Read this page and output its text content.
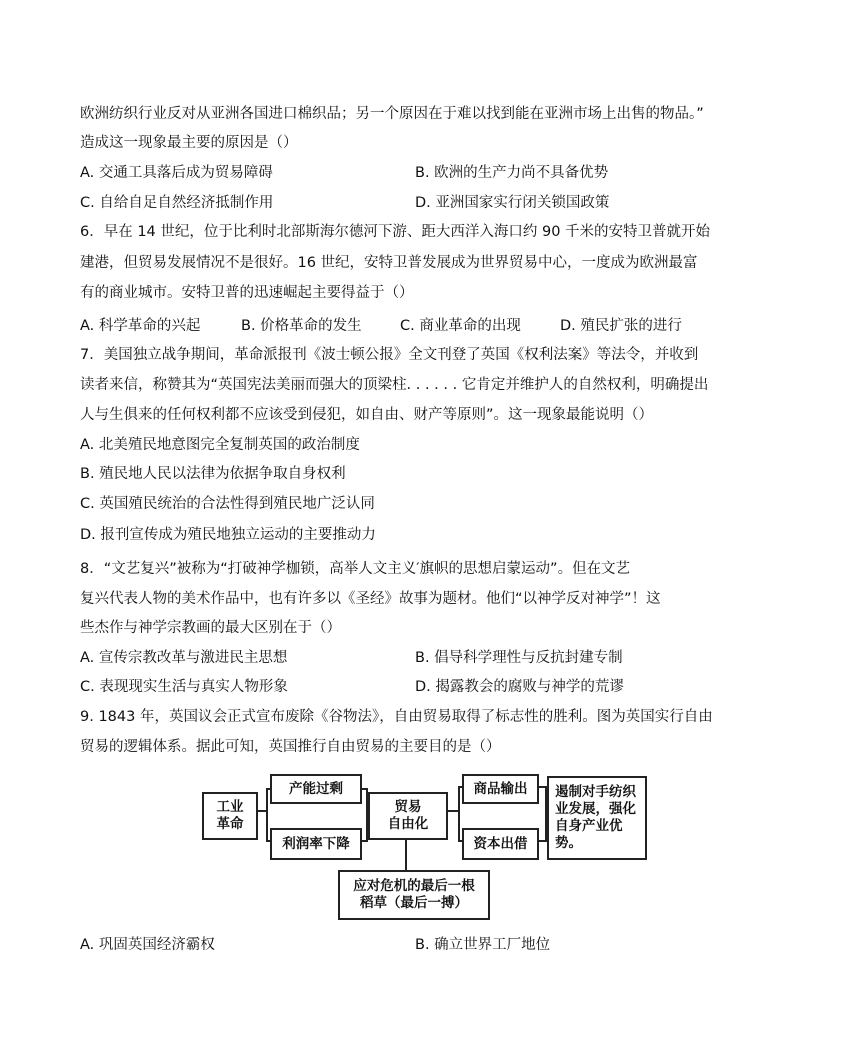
欧洲纺织行业反对从亚洲各国进口棉织品；另一个原因在于难以找到能在亚洲市场上出售的物品。”
造成这一现象最主要的原因是（）
A. 交通工具落后成为贸易障碍	B. 欧洲的生产力尚不具备优势
C. 自给自足自然经济抵制作用	D. 亚洲国家实行闭关锁国政策
6．早在 14 世纪，位于比利时北部斯海尔德河下游、距大西洋入海口约 90 千米的安特卫普就开始
建港，但贸易发展情况不是很好。16 世纪，安特卫普发展成为世界贸易中心，一度成为欧洲最富
有的商业城市。安特卫普的迅速崛起主要得益于（）
A. 科学革命的兴起	B. 价格革命的发生	C. 商业革命的出现	D. 殖民扩张的进行
7．美国独立战争期间，革命派报刊《波士顿公报》全文刊登了英国《权利法案》等法令，并收到
读者来信，称赞其为“英国宪法美丽而强大的顶梁柱. . . . . . 它肯定并维护人的自然权利，明确提出
人与生俱来的任何权利都不应该受到侵犯，如自由、财产等原则”。这一现象最能说明（）
A. 北美殖民地意图完全复制英国的政治制度
B. 殖民地人民以法律为依据争取自身权利
C. 英国殖民统治的合法性得到殖民地广泛认同
D. 报刊宣传成为殖民地独立运动的主要推动力
8．“文艺复兴”被称为“打破神学枷锁，高举人文主义′旗帜的思想启蒙运动”。但在文艺
复兴代表人物的美术作品中，也有许多以《圣经》故事为题材。他们“以神学反对神学”！这
些杰作与神学宗教画的最大区别在于（）
A. 宣传宗教改革与激进民主思想	B. 倡导科学理性与反抗封建专制
C. 表现现实生活与真实人物形象	D. 揭露教会的腐败与神学的荒谬
9. 1843 年，英国议会正式宣布废除《谷物法》，自由贸易取得了标志性的胜利。图为英国实行自由
贸易的逻辑体系。据此可知，英国推行自由贸易的主要目的是（）
工业
革命
产能过剩
利润率下降
贸易
自由化
商品输出
资本出借
遏制对手纺织
业发展，强化
自身产业优
势。
应对危机的最后一根
稻草（最后一搏）
A. 巩固英国经济霸权	B. 确立世界工厂地位
